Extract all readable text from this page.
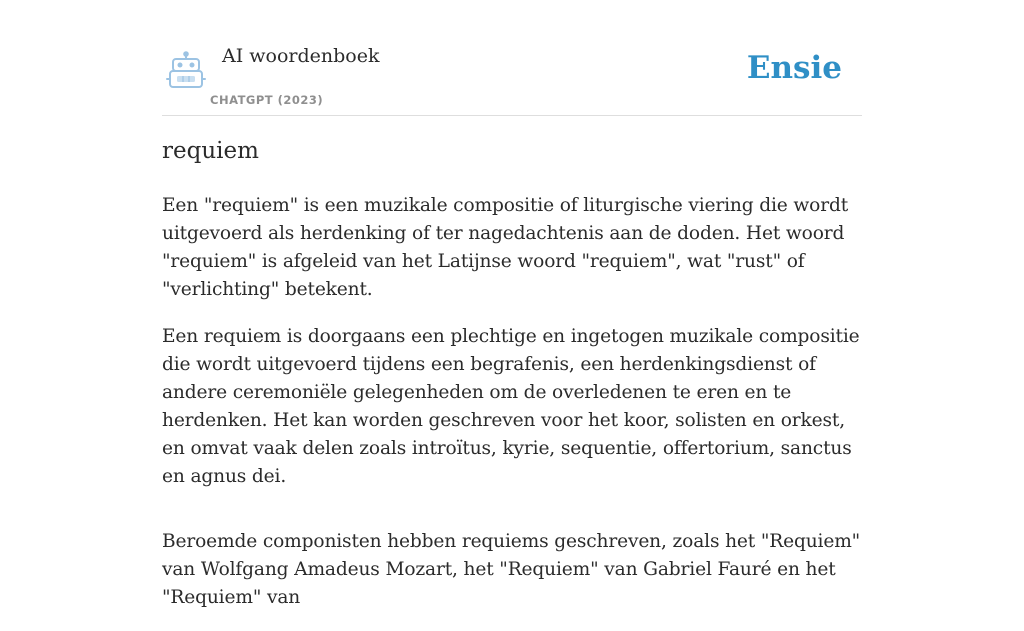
AI woordenboek
CHATGPT (2023)
Ensie
requiem

Een "requiem" is een muzikale compositie of liturgische viering die wordt uitgevoerd als herdenking of ter nagedachtenis aan de doden. Het woord "requiem" is afgeleid van het Latijnse woord "requiem", wat "rust" of "verlichting" betekent.

Een requiem is doorgaans een plechtige en ingetogen muzikale compositie die wordt uitgevoerd tijdens een begrafenis, een herdenkingsdienst of andere ceremoniële gelegenheden om de overledenen te eren en te herdenken. Het kan worden geschreven voor het koor, solisten en orkest, en omvat vaak delen zoals introïtus, kyrie, sequentie, offertorium, sanctus en agnus dei.

Beroemde componisten hebben requiems geschreven, zoals het "Requiem" van Wolfgang Amadeus Mozart, het "Requiem" van Gabriel Fauré en het "Requiem" van
